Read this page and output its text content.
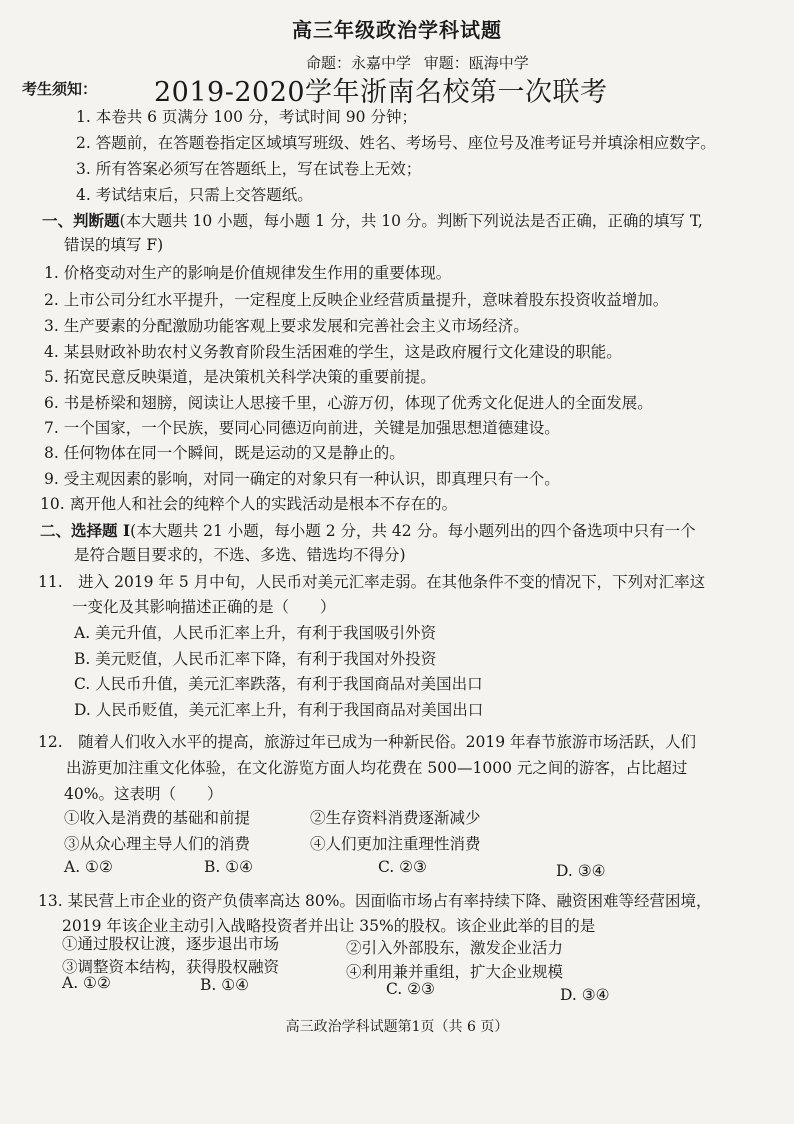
高三年级政治学科试题
命题：永嘉中学 审题：瓯海中学
考生须知： 2019-2020学年浙南名校第一次联考
1. 本卷共 6 页满分 100 分，考试时间 90 分钟；
2. 答题前，在答题卷指定区域填写班级、姓名、考场号、座位号及准考证号并填涂相应数字。
3. 所有答案必须写在答题纸上，写在试卷上无效；
4. 考试结束后，只需上交答题纸。
一、判断题(本大题共 10 小题，每小题 1 分，共 10 分。判断下列说法是否正确，正确的填写 T,
错误的填写 F)
1. 价格变动对生产的影响是价值规律发生作用的重要体现。
2. 上市公司分红水平提升，一定程度上反映企业经营质量提升，意味着股东投资收益增加。
3. 生产要素的分配激励功能客观上要求发展和完善社会主义市场经济。
4. 某县财政补助农村义务教育阶段生活困难的学生，这是政府履行文化建设的职能。
5. 拓宽民意反映渠道，是决策机关科学决策的重要前提。
6. 书是桥梁和翅膀，阅读让人思接千里，心游万仞，体现了优秀文化促进人的全面发展。
7. 一个国家，一个民族，要同心同德迈向前进，关键是加强思想道德建设。
8. 任何物体在同一个瞬间，既是运动的又是静止的。
9. 受主观因素的影响，对同一确定的对象只有一种认识，即真理只有一个。
10. 离开他人和社会的纯粹个人的实践活动是根本不存在的。
二、选择题 I(本大题共 21 小题，每小题 2 分，共 42 分。每小题列出的四个备选项中只有一个
是符合题目要求的，不选、多选、错选均不得分)
11.　进入 2019 年 5 月中旬，人民币对美元汇率走弱。在其他条件不变的情况下，下列对汇率这
一变化及其影响描述正确的是（　　）
A. 美元升值，人民币汇率上升，有利于我国吸引外资
B. 美元贬值，人民币汇率下降，有利于我国对外投资
C. 人民币升值，美元汇率跌落，有利于我国商品对美国出口
D. 人民币贬值，美元汇率上升，有利于我国商品对美国出口
12.　随着人们收入水平的提高，旅游过年已成为一种新民俗。2019 年春节旅游市场活跃，人们
出游更加注重文化体验，在文化游览方面人均花费在 500—1000 元之间的游客，占比超过
40%。这表明（　　）
①收入是消费的基础和前提	②生存资料消费逐渐减少
③从众心理主导人们的消费	④人们更加注重理性消费
A. ①②	B. ①④	C. ②③	D. ③④
13. 某民营上市企业的资产负债率高达 80%。因面临市场占有率持续下降、融资困难等经营困境，
2019 年该企业主动引入战略投资者并出让 35%的股权。该企业此举的目的是
①通过股权让渡，逐步退出市场	②引入外部股东，激发企业活力
③调整资本结构，获得股权融资	④利用兼并重组，扩大企业规模
A. ①②	B. ①④	C. ②③	D. ③④
高三政治学科试题第1页（共 6 页）
